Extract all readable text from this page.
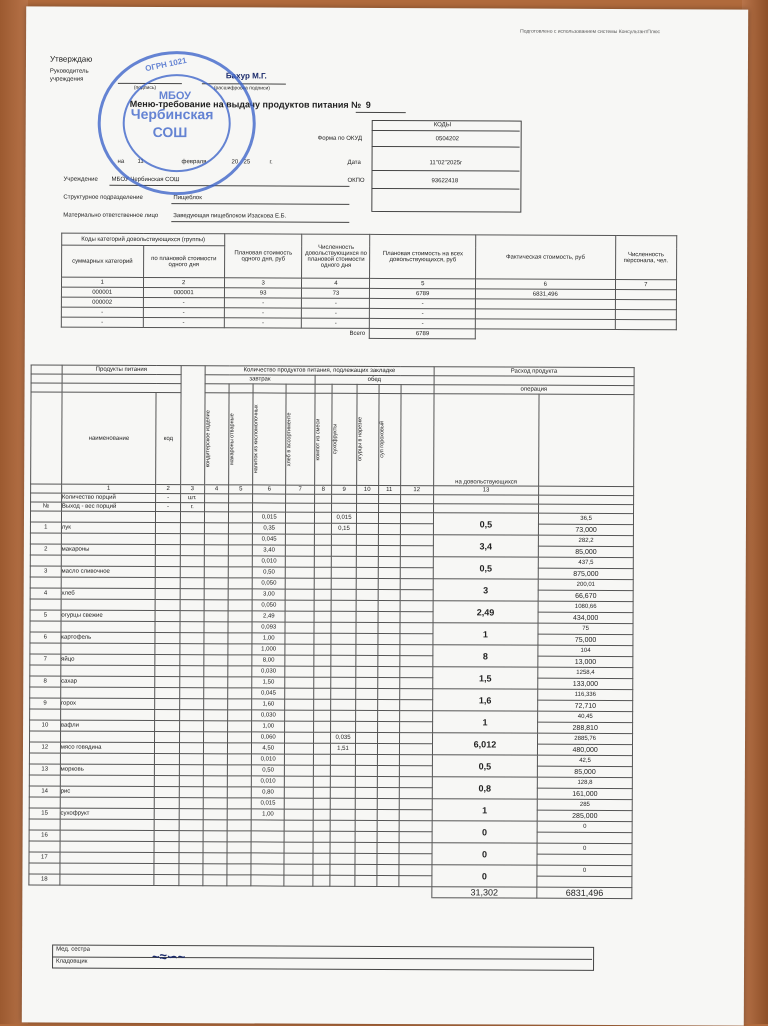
Подготовлено с использованием системы КонсультантПлюс
Утверждаю
Руководитель
учреждения	Бахур М.Г.
(подпись)	(расшифровка подписи)
Меню-требование на выдачу продуктов питания № 9
КОДЫ
Форма по ОКУД	0504202
Дата	11"02"2025г
ОКПО	93622418
на 11	февраля	20 25	г.
Учреждение МБОУ Чербинская СОШ
Структурное подразделение	Пищеблок
Материально ответственное лицо	Заведующая пищеблоком Изаскова Е.Б.
МБОУ
Чербинская
СОШ
ОГРН 1021
Коды категорий довольствующихся (группы)		Плановая стоимость одного дня, руб	Численность довольствующихся по плановой стоимости одного дня	Плановая стоимость на всех довольствующихся, руб	Фактическая стоимость, руб	Численность персонала, чел.
суммарных категорий	по плановой стоимости одного дня					
1	2	3	4	5	6	7
000001	000001	93	73	6789	6831,496	
000002	-	-	-	-		
-	-	-	-	-		
-	-	-	-	-		
Всего				6789		
	Продукты питания			Количество продуктов питания, подлежащих закладке									Расход продукта	
				завтрак				обед						
													операция	
	наименование	код		кондитерское изделие	макароны отварные	напиток из кисломолочных	хлеб в ассортименте	компот из смеси	сухофрукты	огурцы в нарезке	суп гороховый		на довольствующихся	
	1	2	3	4	5	6	7	8	9	10	11	12	13	
	Количество порций	-	шт.											
№	Выход - вес порций	-	г.											
						0,015			0,015				0,5	36,5
1	лук					0,35			0,15					73,000
						0,045							3,4	282,2
2	макароны					3,40								85,000
						0,010							0,5	437,5
3	масло сливочное					0,50								875,000
						0,050							3	200,01
4	хлеб					3,00								66,670
						0,050							2,49	1080,66
5	огурцы свежие					2,49								434,000
						0,093							1	75
6	картофель					1,00								75,000
						1,000							8	104
7	яйцо					8,00								13,000
						0,030							1,5	1258,4
8	сахар					1,50								133,000
						0,045							1,6	116,336
9	горох					1,60								72,710
						0,030							1	40,45
10	вафли					1,00								288,810
						0,060			0,035				6,012	2885,76
12	мясо говядина					4,50			1,51					480,000
						0,010							0,5	42,5
13	морковь					0,50								85,000
						0,010							0,8	128,8
14	рис					0,80								161,000
						0,015							1	285
15	сухофрукт					1,00								285,000
													0	0
16														
													0	0
17														
													0	0
18														
													31,302	6831,496
Мед. сестра
Кладовщик	~≈∽~
